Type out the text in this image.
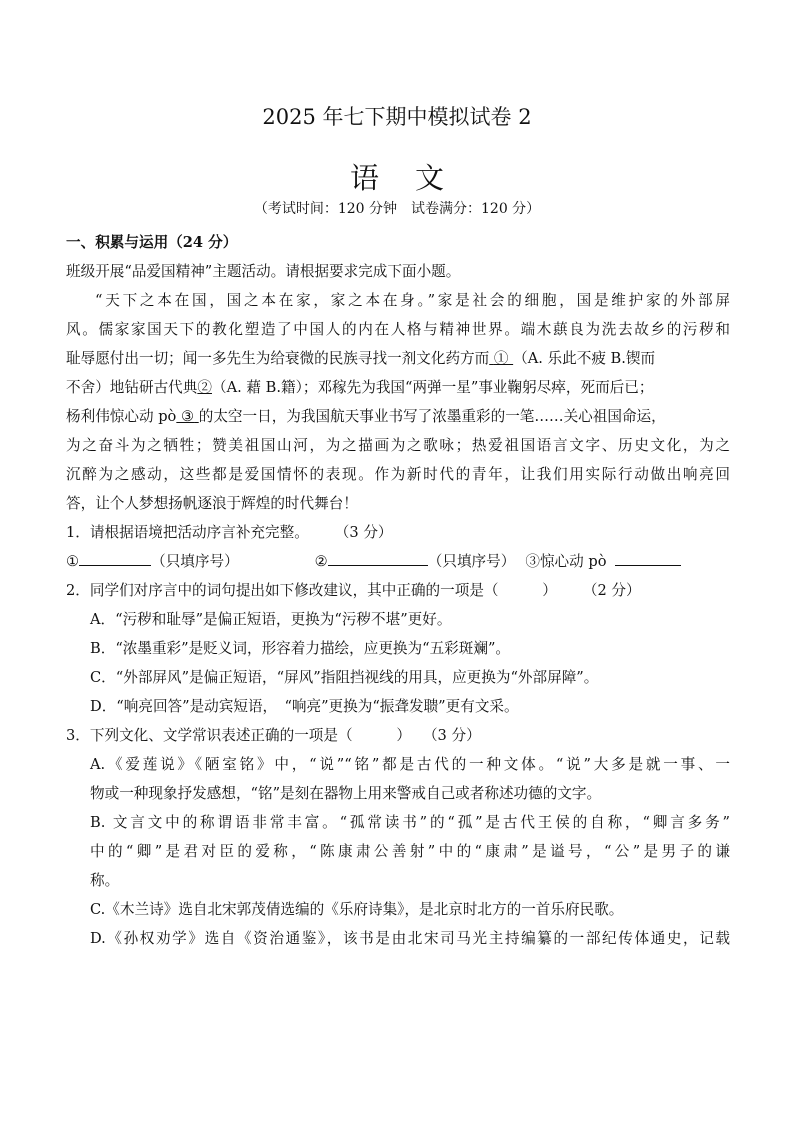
2025 年七下期中模拟试卷 2
语文
（考试时间：120 分钟　试卷满分：120 分）
一、积累与运用（24 分）
班级开展“品爱国精神”主题活动。请根据要求完成下面小题。
“天下之本在国，国之本在家，家之本在身。”家是社会的细胞，国是维护家的外部屏
风。儒家家国天下的教化塑造了中国人的内在人格与精神世界。端木蕻良为洗去故乡的污秽和
耻辱愿付出一切；闻一多先生为给衰微的民族寻找一剂文化药方而 ① （A. 乐此不疲 B.锲而
不舍）地钻研古代典②（A. 藉 B.籍）；邓稼先为我国“两弹一星”事业鞠躬尽瘁，死而后已；
杨利伟惊心动 pò ③ 的太空一日，为我国航天事业书写了浓墨重彩的一笔……关心祖国命运，
为之奋斗为之牺牲；赞美祖国山河，为之描画为之歌咏；热爱祖国语言文字、历史文化，为之
沉醉为之感动，这些都是爱国情怀的表现。作为新时代的青年，让我们用实际行动做出响亮回
答，让个人梦想扬帆逐浪于辉煌的时代舞台！
1．请根据语境把活动序言补充完整。 （3 分）
①	（只填序号）	②	（只填序号） ③惊心动 pò
2．同学们对序言中的词句提出如下修改建议，其中正确的一项是（　　　） （2 分）
A．“污秽和耻辱”是偏正短语，更换为“污秽不堪”更好。
B．“浓墨重彩”是贬义词，形容着力描绘，应更换为“五彩斑斓”。
C．“外部屏风”是偏正短语，“屏风”指阻挡视线的用具，应更换为“外部屏障”。
D．“响亮回答”是动宾短语，　“响亮”更换为“振聋发聩”更有文采。
3．下列文化、文学常识表述正确的一项是（　　　） （3 分）
A.《爱莲说》《陋室铭》中，“说”“铭”都是古代的一种文体。“说”大多是就一事、一
物或一种现象抒发感想，“铭”是刻在器物上用来警戒自己或者称述功德的文字。
B. 文言文中的称谓语非常丰富。“孤常读书”的“孤”是古代王侯的自称，“卿言多务”
中的“卿”是君对臣的爱称，“陈康肃公善射”中的“康肃”是谥号，“公”是男子的谦
称。
C.《木兰诗》选自北宋郭茂倩选编的《乐府诗集》，是北京时北方的一首乐府民歌。
D.《孙权劝学》选自《资治通鉴》，该书是由北宋司马光主持编纂的一部纪传体通史，记载
